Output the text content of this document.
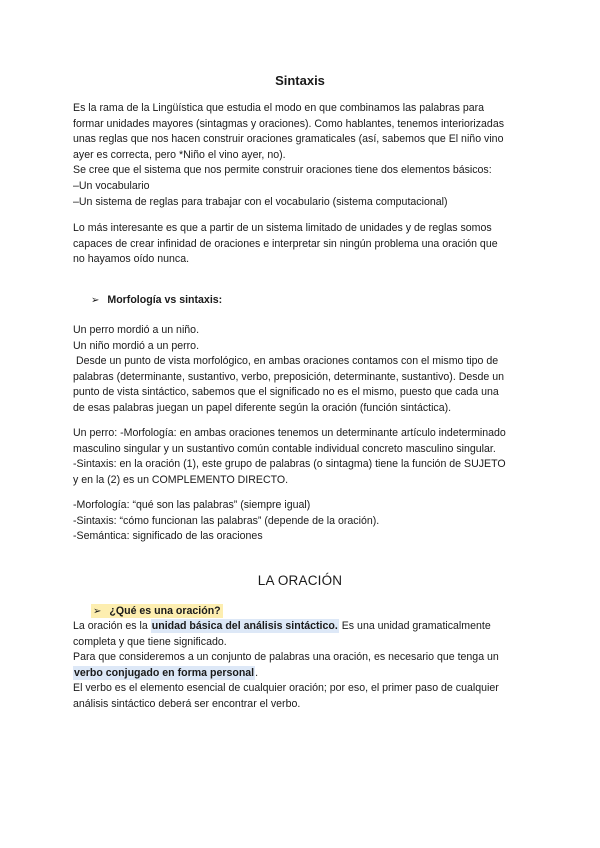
Sintaxis

Es la rama de la Lingüística que estudia el modo en que combinamos las palabras para

formar unidades mayores (sintagmas y oraciones). Como hablantes, tenemos interiorizadas

unas reglas que nos hacen construir oraciones gramaticales (así, sabemos que El niño vino

ayer es correcta, pero *Niño el vino ayer, no).

Se cree que el sistema que nos permite construir oraciones tiene dos elementos básicos:

–Un vocabulario

–Un sistema de reglas para trabajar con el vocabulario (sistema computacional)

Lo más interesante es que a partir de un sistema limitado de unidades y de reglas somos

capaces de crear infinidad de oraciones e interpretar sin ningún problema una oración que

no hayamos oído nunca.

➢ Morfología vs sintaxis:

Un perro mordió a un niño.

Un niño mordió a un perro.

Desde un punto de vista morfológico, en ambas oraciones contamos con el mismo tipo de

palabras (determinante, sustantivo, verbo, preposición, determinante, sustantivo). Desde un

punto de vista sintáctico, sabemos que el significado no es el mismo, puesto que cada una

de esas palabras juegan un papel diferente según la oración (función sintáctica).

Un perro: -Morfología: en ambas oraciones tenemos un determinante artículo indeterminado

masculino singular y un sustantivo común contable individual concreto masculino singular.

-Sintaxis: en la oración (1), este grupo de palabras (o sintagma) tiene la función de SUJETO

y en la (2) es un COMPLEMENTO DIRECTO.

-Morfología: “qué son las palabras” (siempre igual)

-Sintaxis: “cómo funcionan las palabras” (depende de la oración).

-Semántica: significado de las oraciones

LA ORACIÓN
➢ ¿Qué es una oración?

La oración es la unidad básica del análisis sintáctico. Es una unidad gramaticalmente

completa y que tiene significado.

Para que consideremos a un conjunto de palabras una oración, es necesario que tenga un

verbo conjugado en forma personal.

El verbo es el elemento esencial de cualquier oración; por eso, el primer paso de cualquier

análisis sintáctico deberá ser encontrar el verbo.
